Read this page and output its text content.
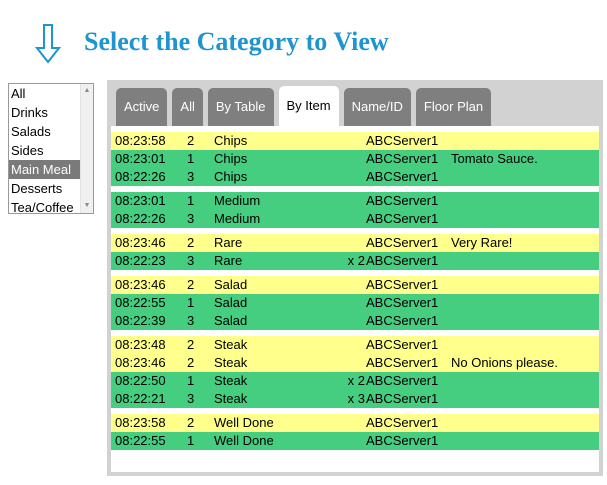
Select the Category to View
All
Drinks
Salads
Sides
Main Meal
Desserts
Tea/Coffee
▲
▼
Active	All	By Table	By Item	Name/ID	Floor Plan
08:23:58 2 Chips	ABCServer1
08:23:01 1 Chips	ABCServer1 Tomato Sauce.
08:22:26 3 Chips	ABCServer1
08:23:01 1 Medium	ABCServer1
08:22:26 3 Medium	ABCServer1
08:23:46 2 Rare	ABCServer1 Very Rare!
08:22:23 3 Rare	x 2 ABCServer1
08:23:46 2 Salad	ABCServer1
08:22:55 1 Salad	ABCServer1
08:22:39 3 Salad	ABCServer1
08:23:48 2 Steak	ABCServer1
08:23:46 2 Steak	ABCServer1 No Onions please.
08:22:50 1 Steak	x 2 ABCServer1
08:22:21 3 Steak	x 3 ABCServer1
08:23:58 2 Well Done	ABCServer1
08:22:55 1 Well Done	ABCServer1
